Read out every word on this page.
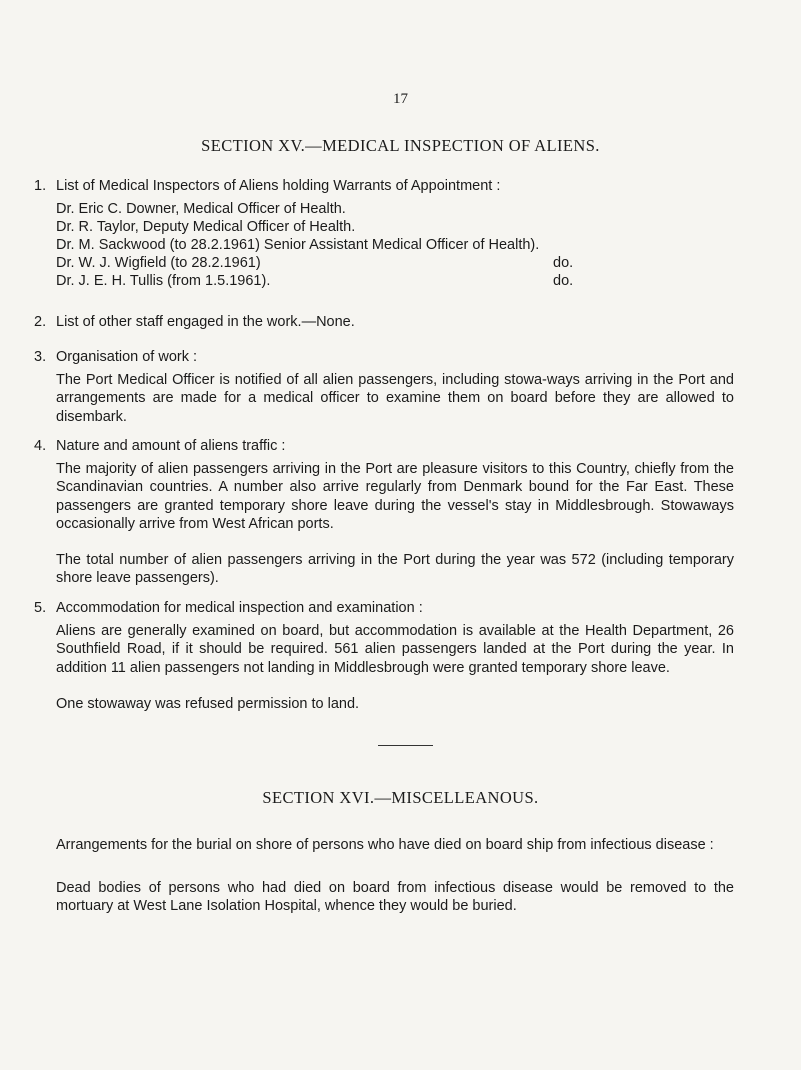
17
SECTION XV.—MEDICAL INSPECTION OF ALIENS.
1. List of Medical Inspectors of Aliens holding Warrants of Appointment :
Dr. Eric C. Downer, Medical Officer of Health.
Dr. R. Taylor, Deputy Medical Officer of Health.
Dr. M. Sackwood (to 28.2.1961) Senior Assistant Medical Officer of Health).
Dr. W. J. Wigfield (to 28.2.1961)	do.
Dr. J. E. H. Tullis (from 1.5.1961).	do.
2. List of other staff engaged in the work.—None.
3. Organisation of work :
The Port Medical Officer is notified of all alien passengers, including stowa-ways arriving in the Port and arrangements are made for a medical officer to examine them on board before they are allowed to disembark.
4. Nature and amount of aliens traffic :
The majority of alien passengers arriving in the Port are pleasure visitors to this Country, chiefly from the Scandinavian countries. A number also arrive regularly from Denmark bound for the Far East. These passengers are granted temporary shore leave during the vessel's stay in Middlesbrough. Stowaways occasionally arrive from West African ports.
The total number of alien passengers arriving in the Port during the year was 572 (including temporary shore leave passengers).
5. Accommodation for medical inspection and examination :
Aliens are generally examined on board, but accommodation is available at the Health Department, 26 Southfield Road, if it should be required. 561 alien passengers landed at the Port during the year. In addition 11 alien passengers not landing in Middlesbrough were granted temporary shore leave.
One stowaway was refused permission to land.
SECTION XVI.—MISCELLEANOUS.
Arrangements for the burial on shore of persons who have died on board ship from infectious disease :
Dead bodies of persons who had died on board from infectious disease would be removed to the mortuary at West Lane Isolation Hospital, whence they would be buried.
